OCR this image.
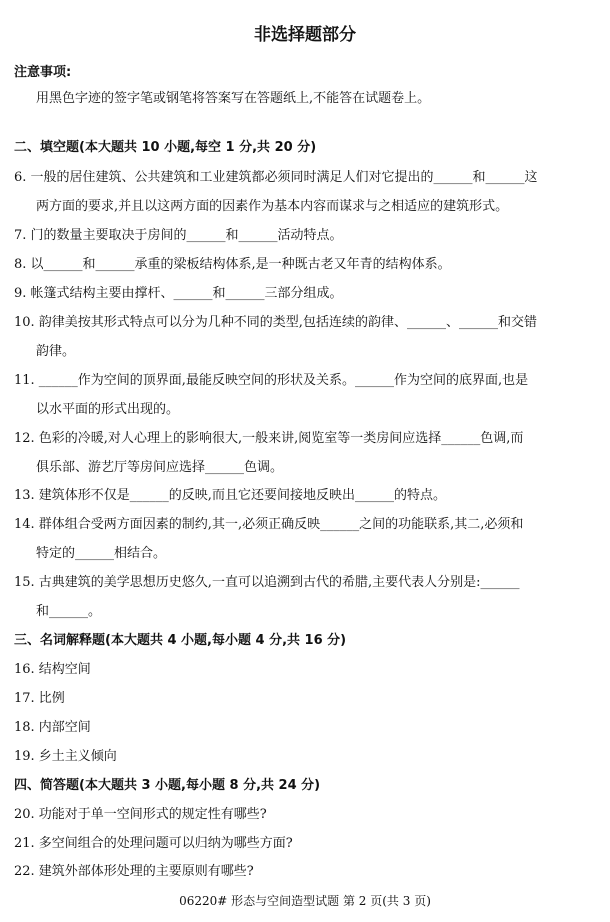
非选择题部分
注意事项:
用黑色字迹的签字笔或钢笔将答案写在答题纸上,不能答在试题卷上。
二、填空题(本大题共 10 小题,每空 1 分,共 20 分)
6. 一般的居住建筑、公共建筑和工业建筑都必须同时满足人们对它提出的______和______这
两方面的要求,并且以这两方面的因素作为基本内容而谋求与之相适应的建筑形式。
7. 门的数量主要取决于房间的______和______活动特点。
8. 以______和______承重的梁板结构体系,是一种既古老又年青的结构体系。
9. 帐篷式结构主要由撑杆、______和______三部分组成。
10. 韵律美按其形式特点可以分为几种不同的类型,包括连续的韵律、______、______和交错
韵律。
11. ______作为空间的顶界面,最能反映空间的形状及关系。______作为空间的底界面,也是
以水平面的形式出现的。
12. 色彩的冷暖,对人心理上的影响很大,一般来讲,阅览室等一类房间应选择______色调,而
俱乐部、游艺厅等房间应选择______色调。
13. 建筑体形不仅是______的反映,而且它还要间接地反映出______的特点。
14. 群体组合受两方面因素的制约,其一,必须正确反映______之间的功能联系,其二,必须和
特定的______相结合。
15. 古典建筑的美学思想历史悠久,一直可以追溯到古代的希腊,主要代表人分别是:______
和______。
三、名词解释题(本大题共 4 小题,每小题 4 分,共 16 分)
16. 结构空间
17. 比例
18. 内部空间
19. 乡土主义倾向
四、简答题(本大题共 3 小题,每小题 8 分,共 24 分)
20. 功能对于单一空间形式的规定性有哪些?
21. 多空间组合的处理问题可以归纳为哪些方面?
22. 建筑外部体形处理的主要原则有哪些?
06220# 形态与空间造型试题 第 2 页(共 3 页)
